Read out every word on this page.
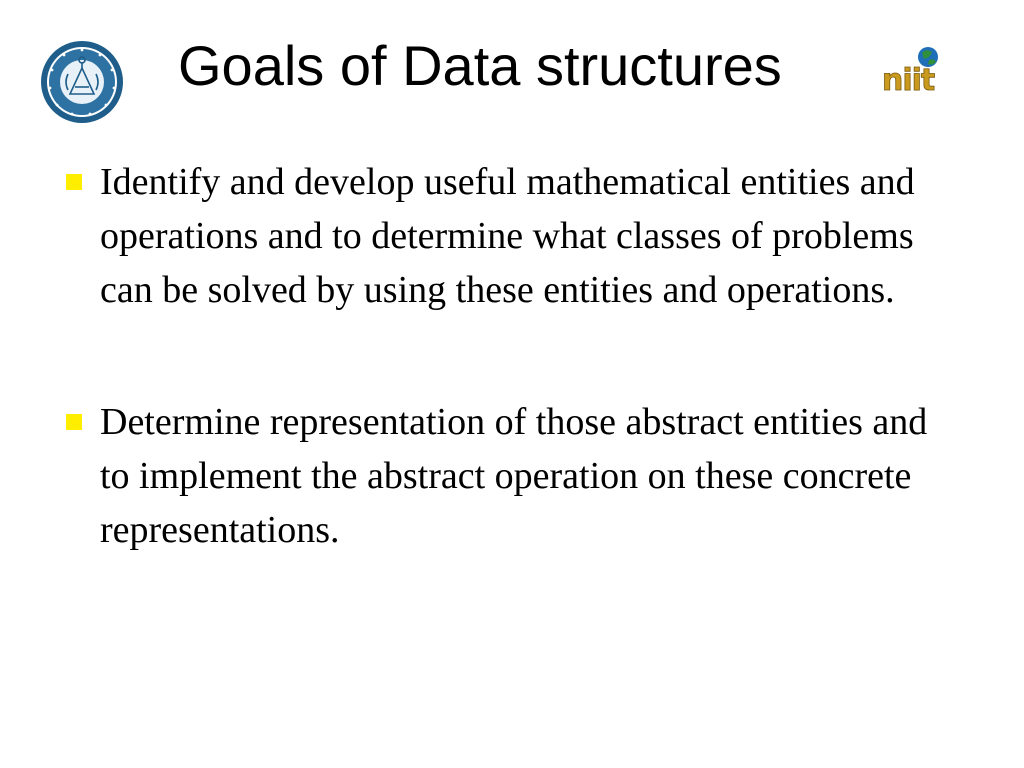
Goals of Data structures	niit
Identify and develop useful mathematical entities and operations and to determine what classes of problems can be solved by using these entities and operations.
Determine representation of those abstract entities and to implement the abstract operation on these concrete representations.
